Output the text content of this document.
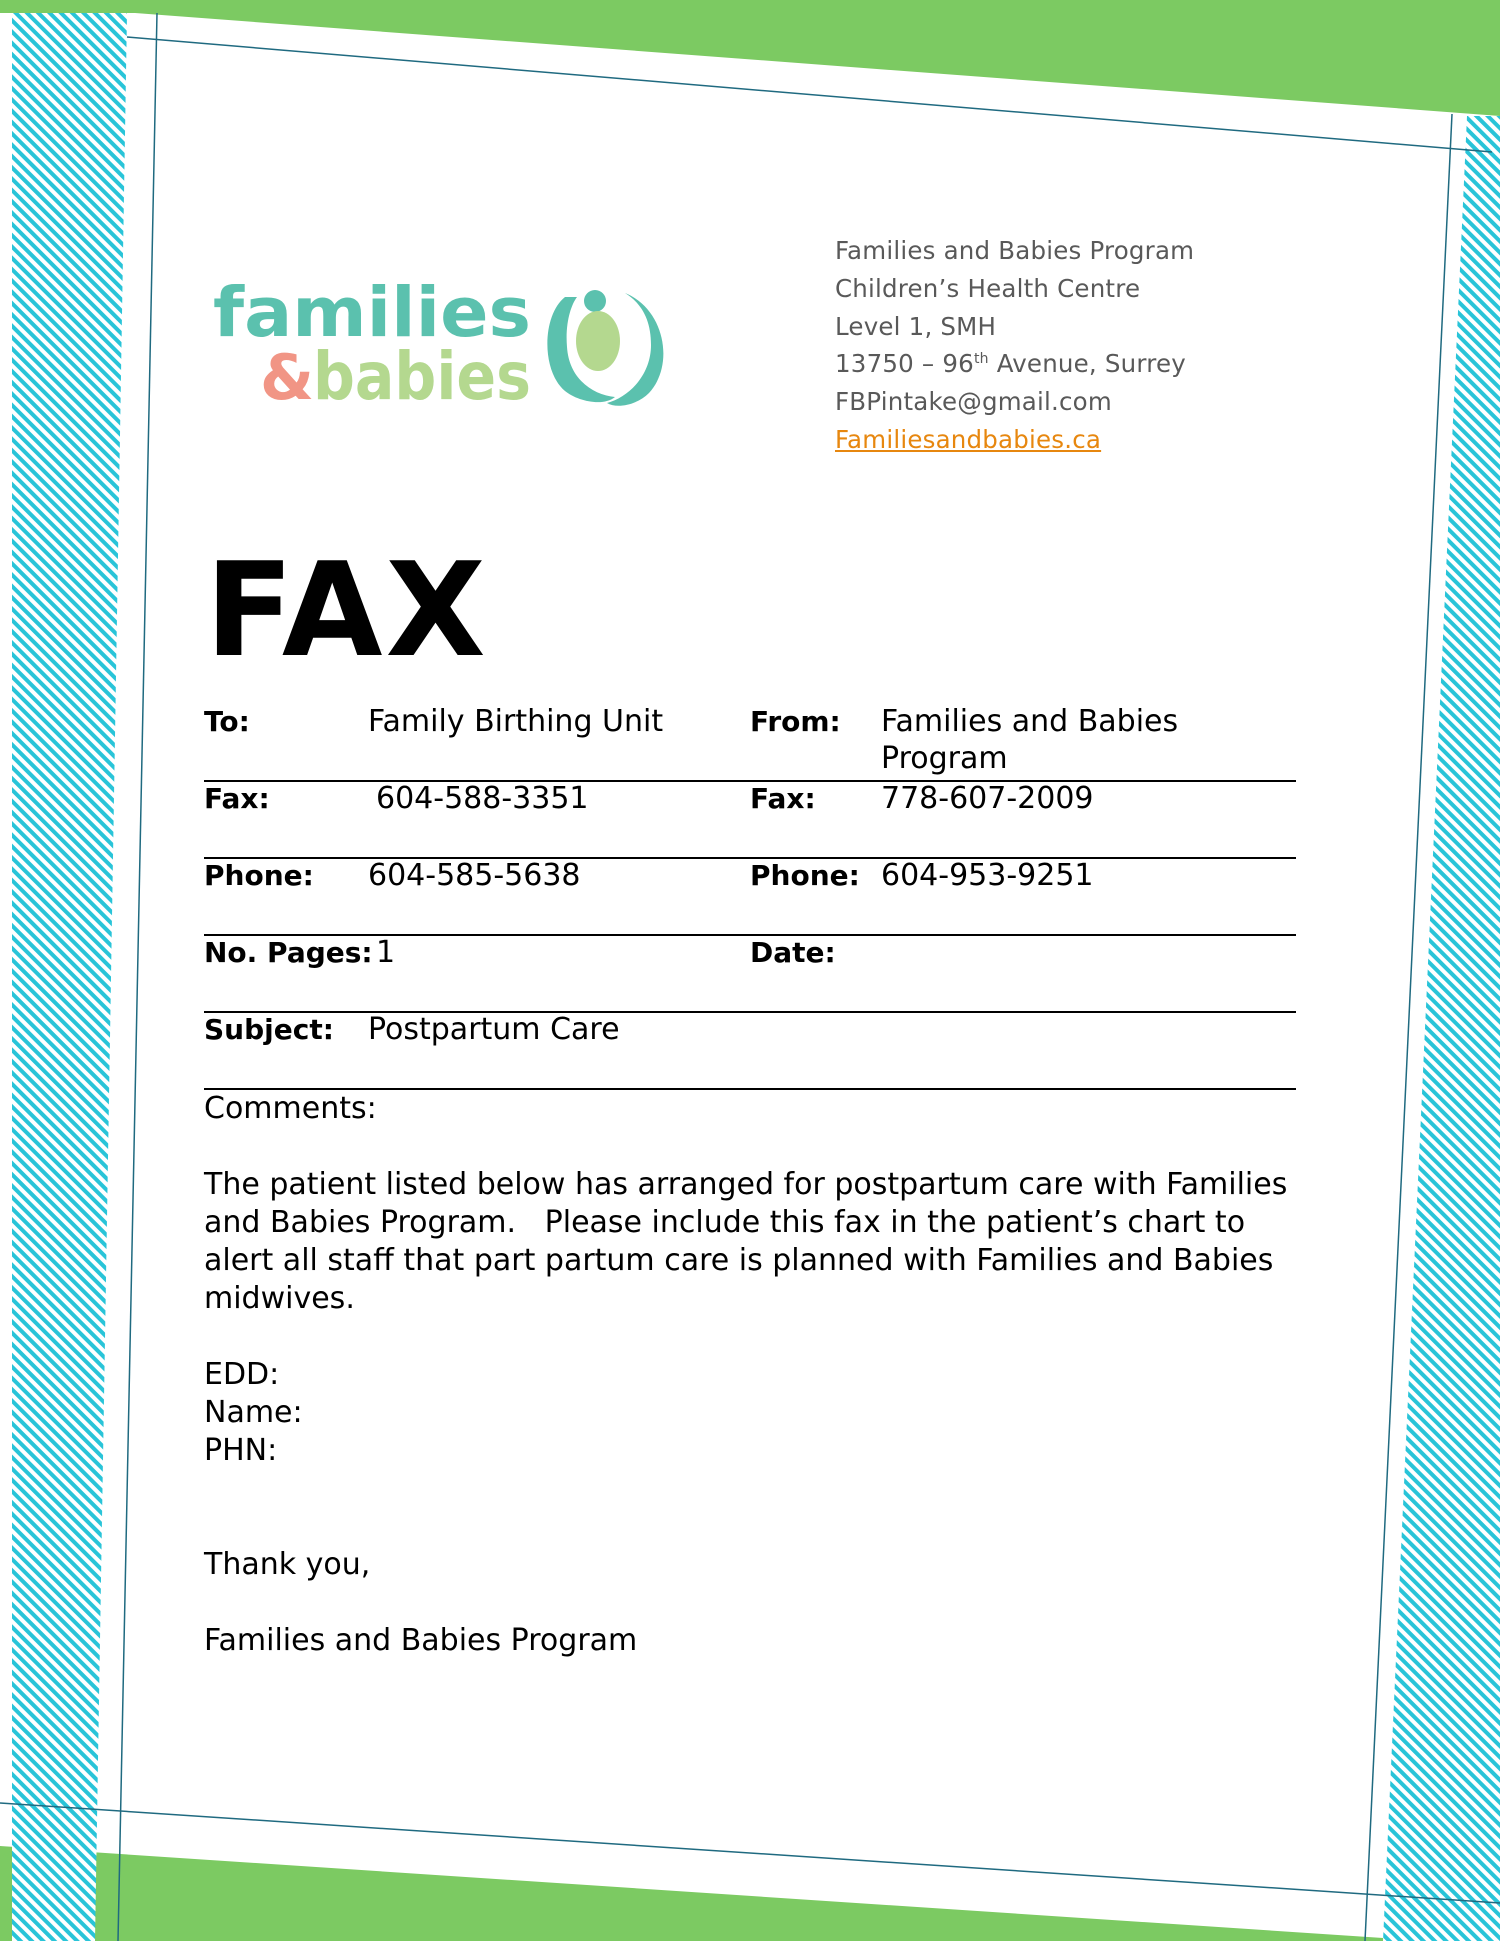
families
&
babies
Families and Babies Program
Children’s Health Centre
Level 1, SMH
13750 – 96th Avenue, Surrey
FBPintake@gmail.com
Familiesandbabies.ca
FAX
To:	Family Birthing Unit	From: Families and Babies
Program
Fax:	604-588-3351	Fax: 778-607-2009
Phone: 604-585-5638	Phone: 604-953-9251
No. Pages: 1	Date:
Subject: Postpartum Care
Comments:
The patient listed below has arranged for postpartum care with Families
and Babies Program.   Please include this fax in the patient’s chart to
alert all staff that part partum care is planned with Families and Babies
midwives.
EDD:
Name:
PHN:
Thank you,
Families and Babies Program
